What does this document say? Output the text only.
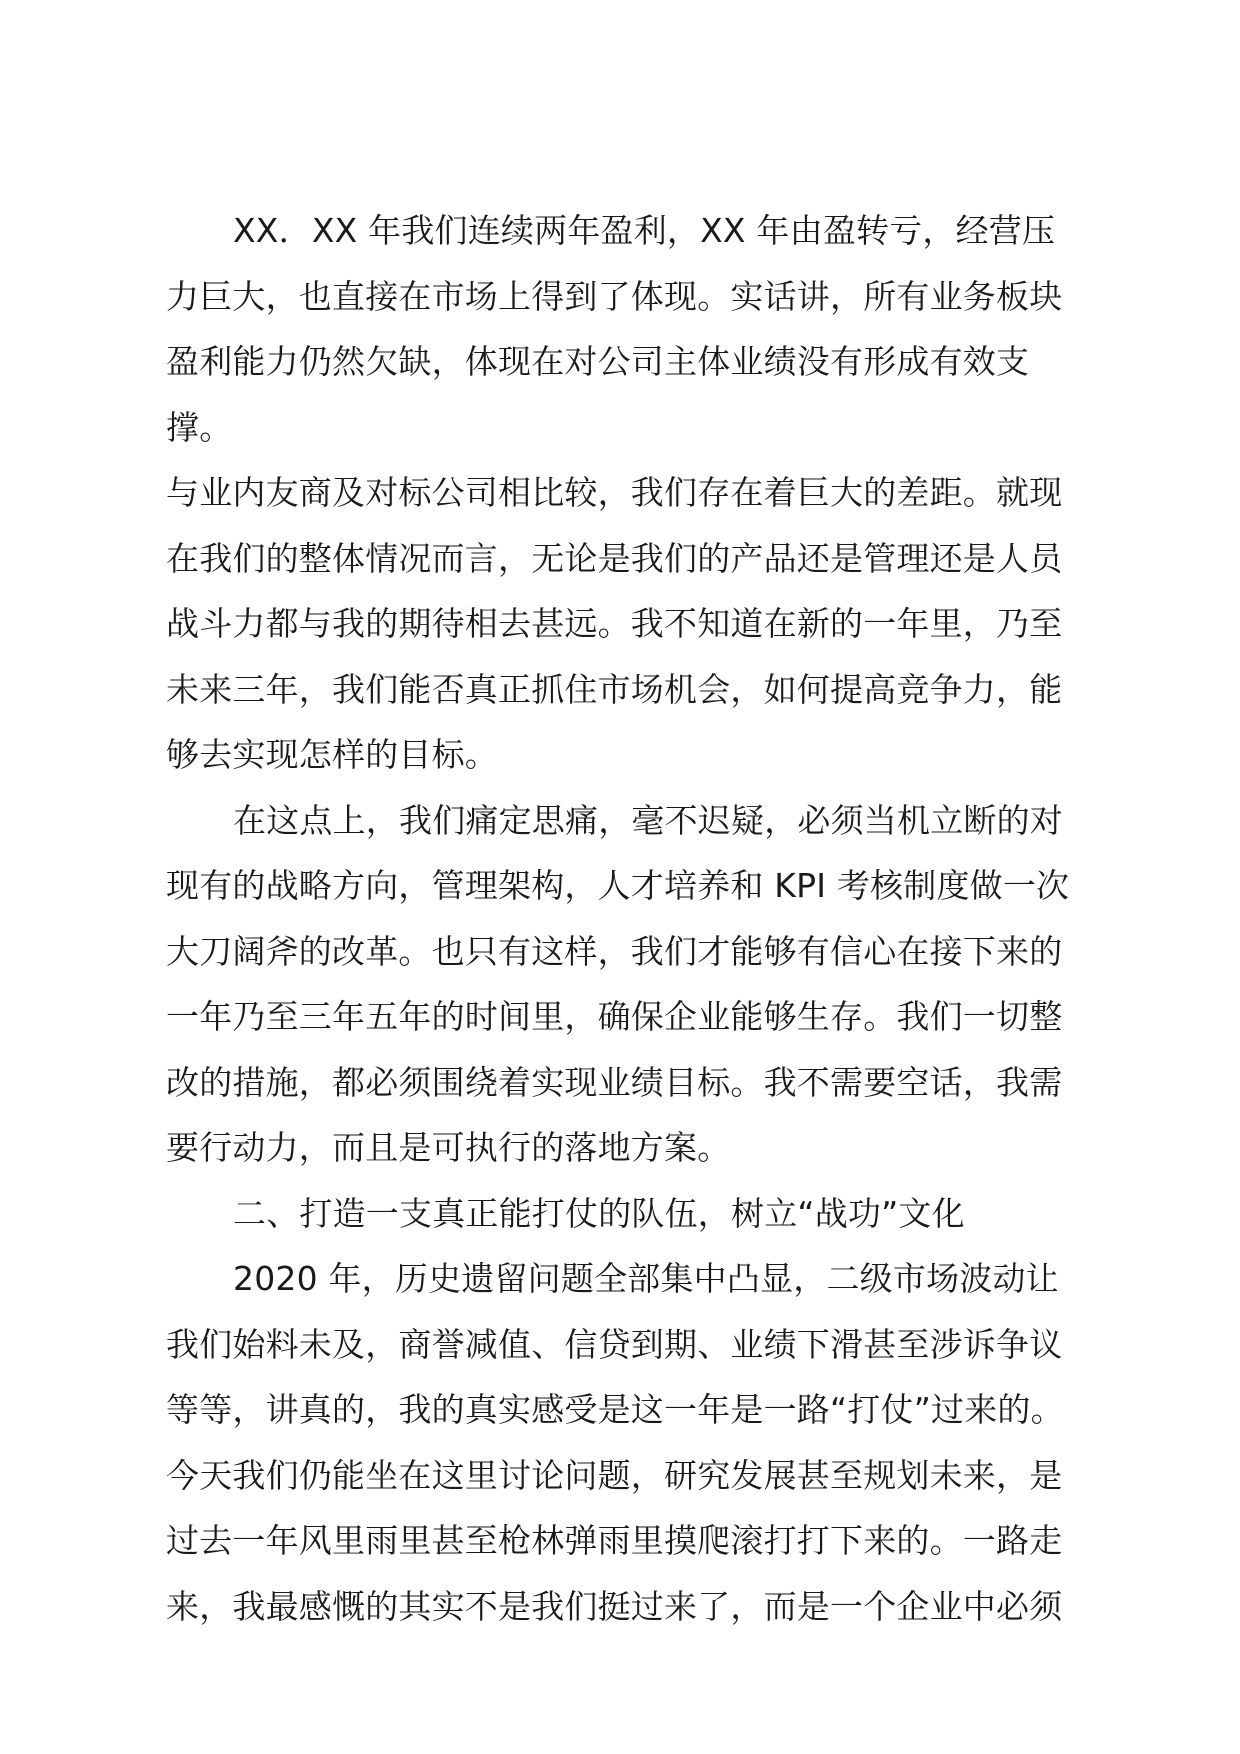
XX．XX 年我们连续两年盈利，XX 年由盈转亏，经营压
力巨大，也直接在市场上得到了体现。实话讲，所有业务板块
盈利能力仍然欠缺，体现在对公司主体业绩没有形成有效支撑。
与业内友商及对标公司相比较，我们存在着巨大的差距。就现
在我们的整体情况而言，无论是我们的产品还是管理还是人员
战斗力都与我的期待相去甚远。我不知道在新的一年里，乃至
未来三年，我们能否真正抓住市场机会，如何提高竞争力，能
够去实现怎样的目标。

在这点上，我们痛定思痛，毫不迟疑，必须当机立断的对
现有的战略方向，管理架构，人才培养和 KPI 考核制度做一次
大刀阔斧的改革。也只有这样，我们才能够有信心在接下来的
一年乃至三年五年的时间里，确保企业能够生存。我们一切整
改的措施，都必须围绕着实现业绩目标。我不需要空话，我需
要行动力，而且是可执行的落地方案。

二、打造一支真正能打仗的队伍，树立“战功”文化

2020 年，历史遗留问题全部集中凸显，二级市场波动让
我们始料未及，商誉减值、信贷到期、业绩下滑甚至涉诉争议
等等，讲真的，我的真实感受是这一年是一路“打仗”过来的。
今天我们仍能坐在这里讨论问题，研究发展甚至规划未来，是
过去一年风里雨里甚至枪林弹雨里摸爬滚打打下来的。一路走
来，我最感慨的其实不是我们挺过来了，而是一个企业中必须
